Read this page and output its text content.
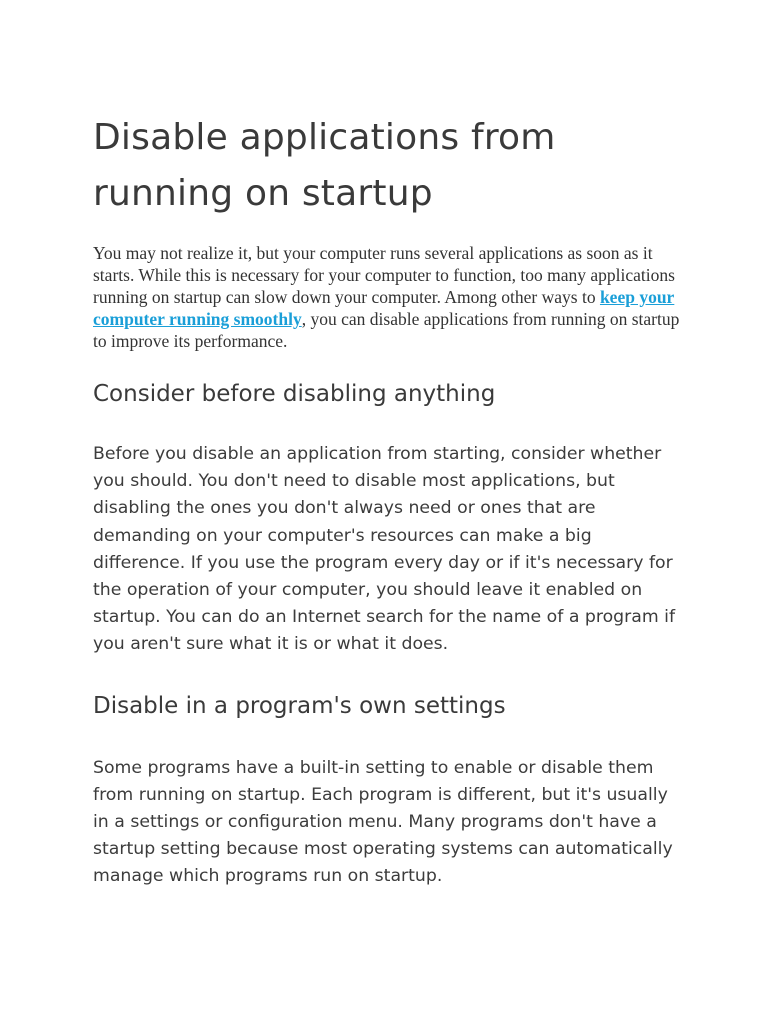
Disable applications from running on startup

You may not realize it, but your computer runs several applications as soon as it starts. While this is necessary for your computer to function, too many applications running on startup can slow down your computer. Among other ways to keep your computer running smoothly, you can disable applications from running on startup to improve its performance.

Consider before disabling anything

Before you disable an application from starting, consider whether you should. You don't need to disable most applications, but disabling the ones you don't always need or ones that are demanding on your computer's resources can make a big difference. If you use the program every day or if it's necessary for the operation of your computer, you should leave it enabled on startup. You can do an Internet search for the name of a program if you aren't sure what it is or what it does.

Disable in a program's own settings

Some programs have a built-in setting to enable or disable them from running on startup. Each program is different, but it's usually in a settings or configuration menu. Many programs don't have a startup setting because most operating systems can automatically manage which programs run on startup.
